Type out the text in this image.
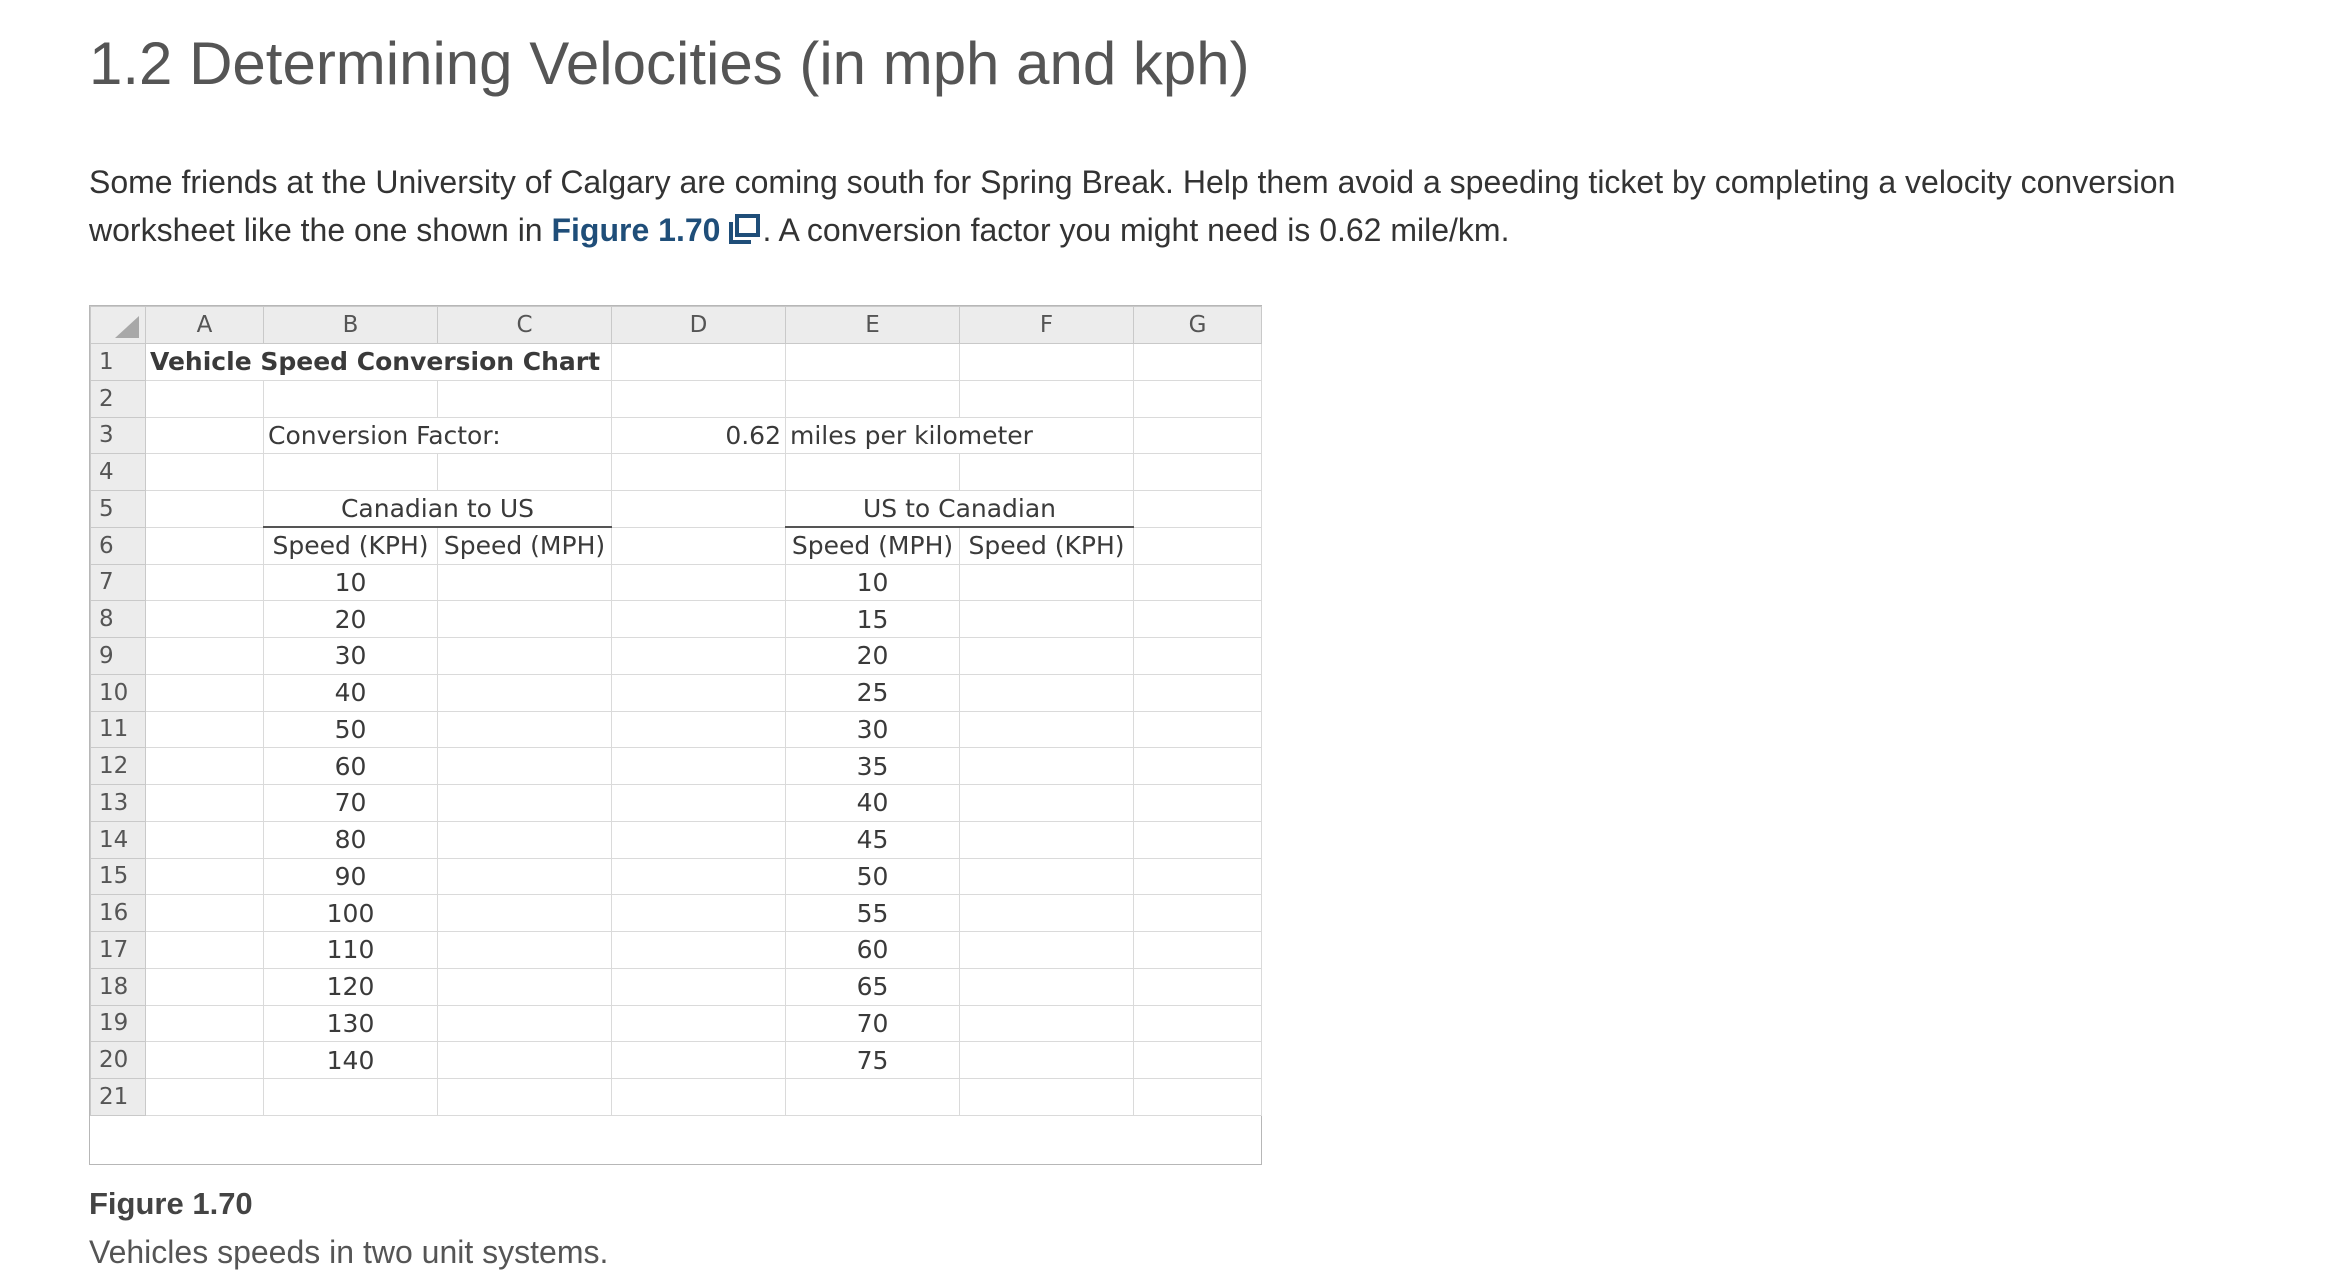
1.2 Determining Velocities (in mph and kph)

Some friends at the University of Calgary are coming south for Spring Break. Help them avoid a speeding ticket by completing a velocity conversion worksheet like the one shown in Figure 1.70 . A conversion factor you might need is 0.62 mile/km.

	A	B	C	D	E	F	G
1	Vehicle Speed Conversion Chart						
2							
3		Conversion Factor:		0.62	miles per kilometer		
4							
5		Canadian to US			US to Canadian		
6		Speed (KPH)	Speed (MPH)		Speed (MPH)	Speed (KPH)	
7		10			10		
8		20			15		
9		30			20		
10		40			25		
11		50			30		
12		60			35		
13		70			40		
14		80			45		
15		90			50		
16		100			55		
17		110			60		
18		120			65		
19		130			70		
20		140			75		
21							

Figure 1.70

Vehicles speeds in two unit systems.
